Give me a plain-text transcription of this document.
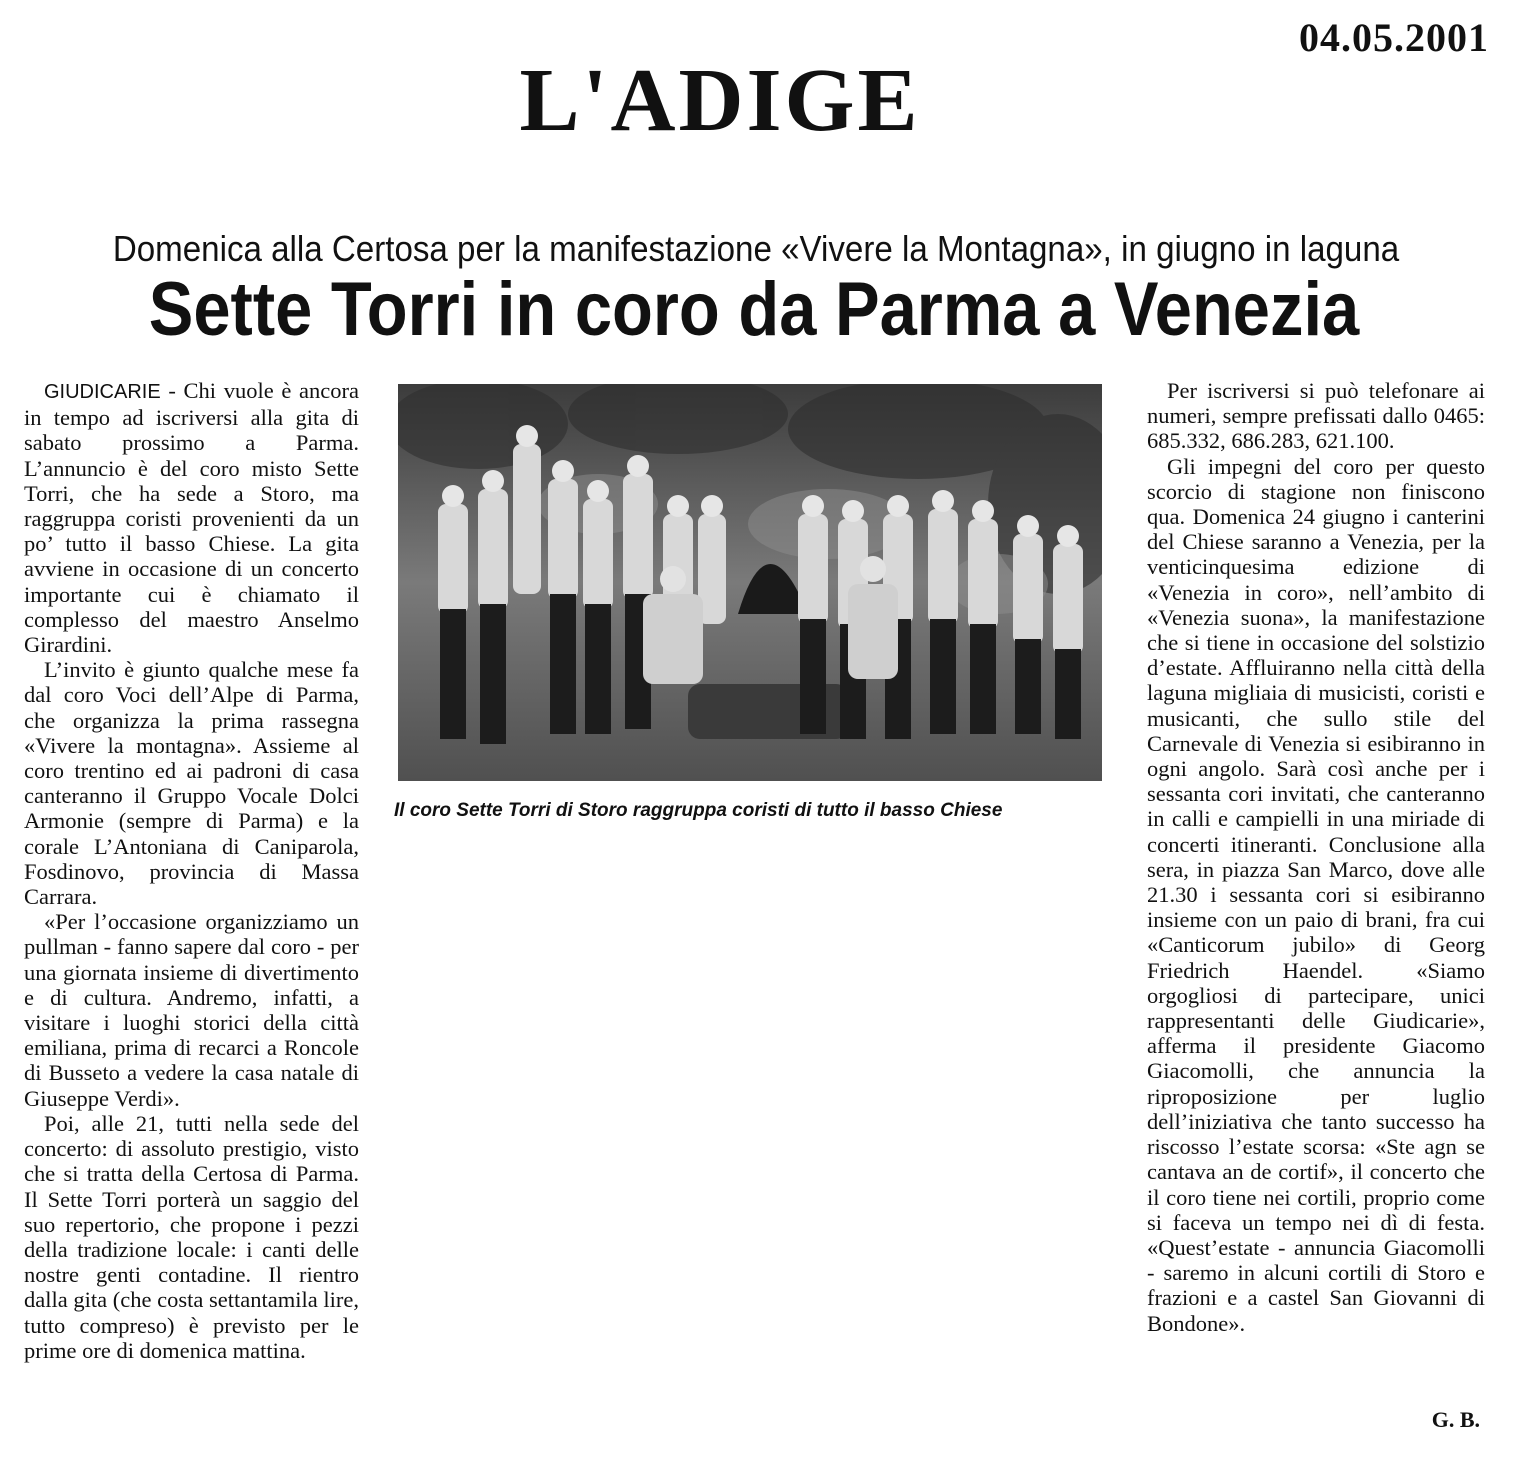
04.05.2001
L'ADIGE
Domenica alla Certosa per la manifestazione «Vivere la Montagna», in giugno in laguna
Sette Torri in coro da Parma a Venezia

GIUDICARIE - Chi vuole è ancora in tempo ad iscriversi alla gita di sabato prossimo a Parma. L’annuncio è del coro misto Sette Torri, che ha sede a Storo, ma raggruppa coristi provenienti da un po’ tutto il basso Chiese. La gita avviene in occasione di un concerto importante cui è chiamato il complesso del maestro Anselmo Girardini.

L’invito è giunto qualche mese fa dal coro Voci dell’Alpe di Parma, che organizza la prima rassegna «Vivere la montagna». Assieme al coro trentino ed ai padroni di casa canteranno il Gruppo Vocale Dolci Armonie (sempre di Parma) e la corale L’Antoniana di Caniparola, Fosdinovo, provincia di Massa Carrara.

«Per l’occasione organizziamo un pullman - fanno sapere dal coro - per una giornata insieme di divertimento e di cultura. Andremo, infatti, a visitare i luoghi storici della città emiliana, prima di recarci a Roncole di Busseto a vedere la casa natale di Giuseppe Verdi».

Poi, alle 21, tutti nella sede del concerto: di assoluto prestigio, visto che si tratta della Certosa di Parma. Il Sette Torri porterà un saggio del suo repertorio, che propone i pezzi della tradizione locale: i canti delle nostre genti contadine. Il rientro dalla gita (che costa settantamila lire, tutto compreso) è previsto per le prime ore di domenica mattina.

Il coro Sette Torri di Storo raggruppa coristi di tutto il basso Chiese

Per iscriversi si può telefonare ai numeri, sempre prefissati dallo 0465: 685.332, 686.283, 621.100.

Gli impegni del coro per questo scorcio di stagione non finiscono qua. Domenica 24 giugno i canterini del Chiese saranno a Venezia, per la venticinquesima edizione di «Venezia in coro», nell’ambito di «Venezia suona», la manifestazione che si tiene in occasione del solstizio d’estate. Affluiranno nella città della laguna migliaia di musicisti, coristi e musicanti, che sullo stile del Carnevale di Venezia si esibiranno in ogni angolo. Sarà così anche per i sessanta cori invitati, che canteranno in calli e campielli in una miriade di concerti itineranti. Conclusione alla sera, in piazza San Marco, dove alle 21.30 i sessanta cori si esibiranno insieme con un paio di brani, fra cui «Canticorum jubilo» di Georg Friedrich Haendel. «Siamo orgogliosi di partecipare, unici rappresentanti delle Giudicarie», afferma il presidente Giacomo Giacomolli, che annuncia la riproposizione per luglio dell’iniziativa che tanto successo ha riscosso l’estate scorsa: «Ste agn se cantava an de cortif», il concerto che il coro tiene nei cortili, proprio come si faceva un tempo nei dì di festa. «Quest’estate - annuncia Giacomolli - saremo in alcuni cortili di Storo e frazioni e a castel San Giovanni di Bondone».

G. B.
